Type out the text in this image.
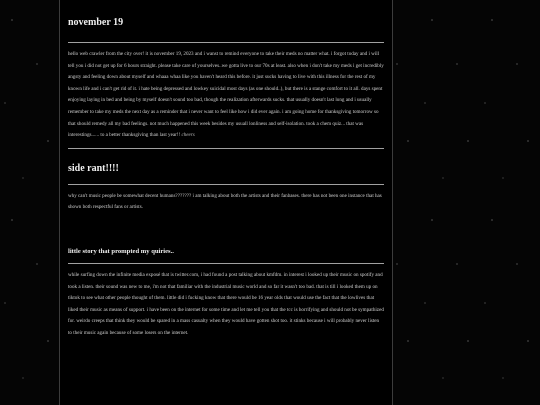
november 19

hello web crawler from the city over! it is november 19, 2023 and i wanst to remind everyone to take their meds no matter what. i forgot today and i will tell you i did not get up for 6 hours straight. please take care of yourselves..we gotta live to our 70s at least. also when i don't take my meds i get incredibly angsty and feeling down about myself and whaaa whaa like you haven't heard this before. it just sucks having to live with this illness for the rest of my known life and i can't get rid of it. i hate being depressed and lowkey suicidal most days (as one should..), but there is a stange comfort to it all. days spent enjoying laying in bed and being by myself doesn't sound too bad, though the realization afterwards sucks. that usually doesn't last long and i usually remember to take my meds the next day as a reminder that i never want to feel like how i did ever again. i am going home for thanksgiving tomorrow so that should remedy all my bad feelings. not much happened this week besides my usuall lonliness and self-isolation. took a chem quiz... that was interestings...... to a better thanksgiving than last year!! cheers

side rant!!!!

why can't music people be somewhat decent humans??????? i am talking about both the artists and their fanbases. there has not been one instance that has shown both respectful fans or artists.

little story that prompted my quiries..

while surfing down the infinite media exposé that is twitter.com, i had found a post talking about kmfdm. in interest i looked up their music on spotify and took a listen. their sound was new to me, i'm not that familiar with the industrial music world and so far it wasn't too bad. that is till i looked them up on tiktok to see what other people thought of them. little did i fucking know that there would be 16 year olds that would use the fact that the lowlives that liked their music as means of support. i have been on the internet for some time and let me tell you that the tcc is horrifying and should not be sympathized for. weirdo creeps that think they would be spared in a mass casualty when they would have gotten shot too. it stinks because i will probably never listen to their music again because of some losers on the internet.
